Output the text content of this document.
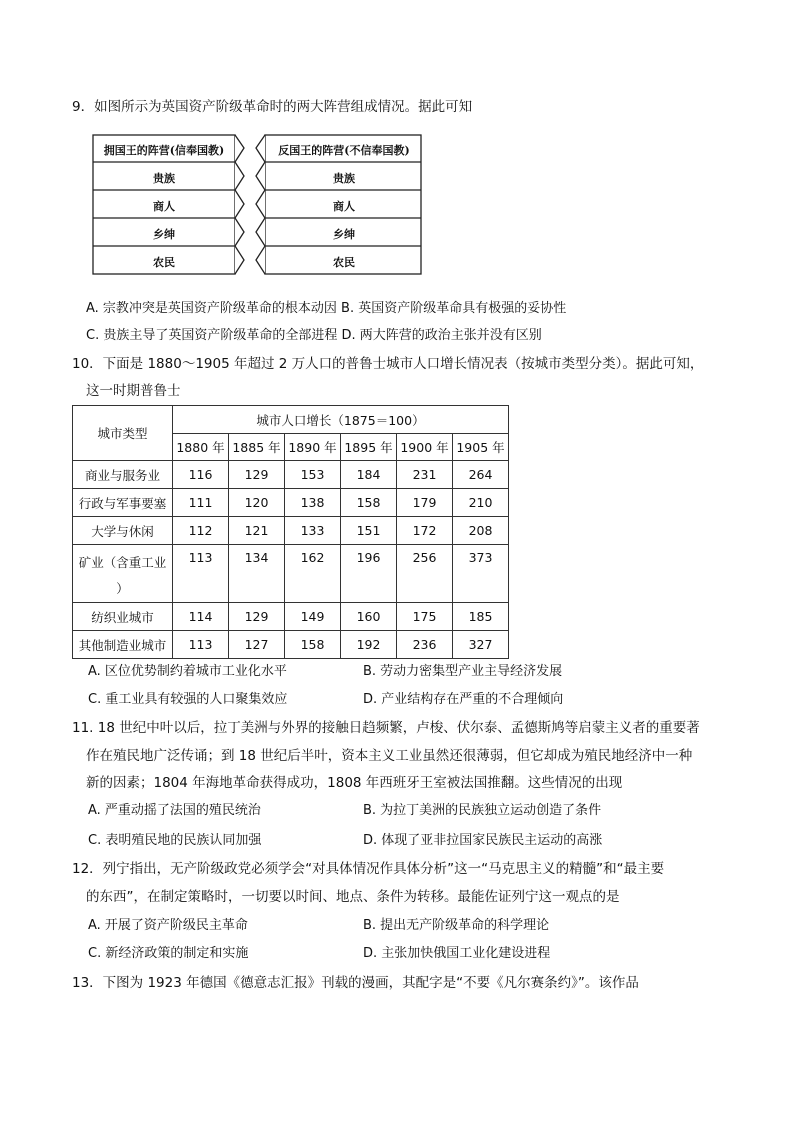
9．如图所示为英国资产阶级革命时的两大阵营组成情况。据此可知
拥国王的阵营(信奉国教)
贵族
商人
乡绅
农民
反国王的阵营(不信奉国教)
贵族
商人
乡绅
农民
A. 宗教冲突是英国资产阶级革命的根本动因 B. 英国资产阶级革命具有极强的妥协性
C. 贵族主导了英国资产阶级革命的全部进程 D. 两大阵营的政治主张并没有区别
10．下面是 1880～1905 年超过 2 万人口的普鲁士城市人口增长情况表（按城市类型分类）。据此可知，
这一时期普鲁士
城市类型	城市人口增长（1875＝100）					
	1880 年	1885 年	1890 年	1895 年	1900 年	1905 年
商业与服务业	116	129	153	184	231	264
行政与军事要塞	111	120	138	158	179	210
大学与休闲	112	121	133	151	172	208

矿业（含重工业
）	113	134	162	196	256	373
纺织业城市	114	129	149	160	175	185
其他制造业城市	113	127	158	192	236	327
A. 区位优势制约着城市工业化水平	B. 劳动力密集型产业主导经济发展
C. 重工业具有较强的人口聚集效应	D. 产业结构存在严重的不合理倾向
11. 18 世纪中叶以后，拉丁美洲与外界的接触日趋频繁，卢梭、伏尔泰、孟德斯鸠等启蒙主义者的重要著
作在殖民地广泛传诵；到 18 世纪后半叶，资本主义工业虽然还很薄弱，但它却成为殖民地经济中一种
新的因素；1804 年海地革命获得成功，1808 年西班牙王室被法国推翻。这些情况的出现
A. 严重动摇了法国的殖民统治	B. 为拉丁美洲的民族独立运动创造了条件
C. 表明殖民地的民族认同加强	D. 体现了亚非拉国家民族民主运动的高涨
12．列宁指出，无产阶级政党必须学会“对具体情况作具体分析”这一“马克思主义的精髓”和“最主要
的东西”，在制定策略时，一切要以时间、地点、条件为转移。最能佐证列宁这一观点的是
A. 开展了资产阶级民主革命	B. 提出无产阶级革命的科学理论
C. 新经济政策的制定和实施	D. 主张加快俄国工业化建设进程
13．下图为 1923 年德国《德意志汇报》刊载的漫画，其配字是“不要《凡尔赛条约》”。该作品
